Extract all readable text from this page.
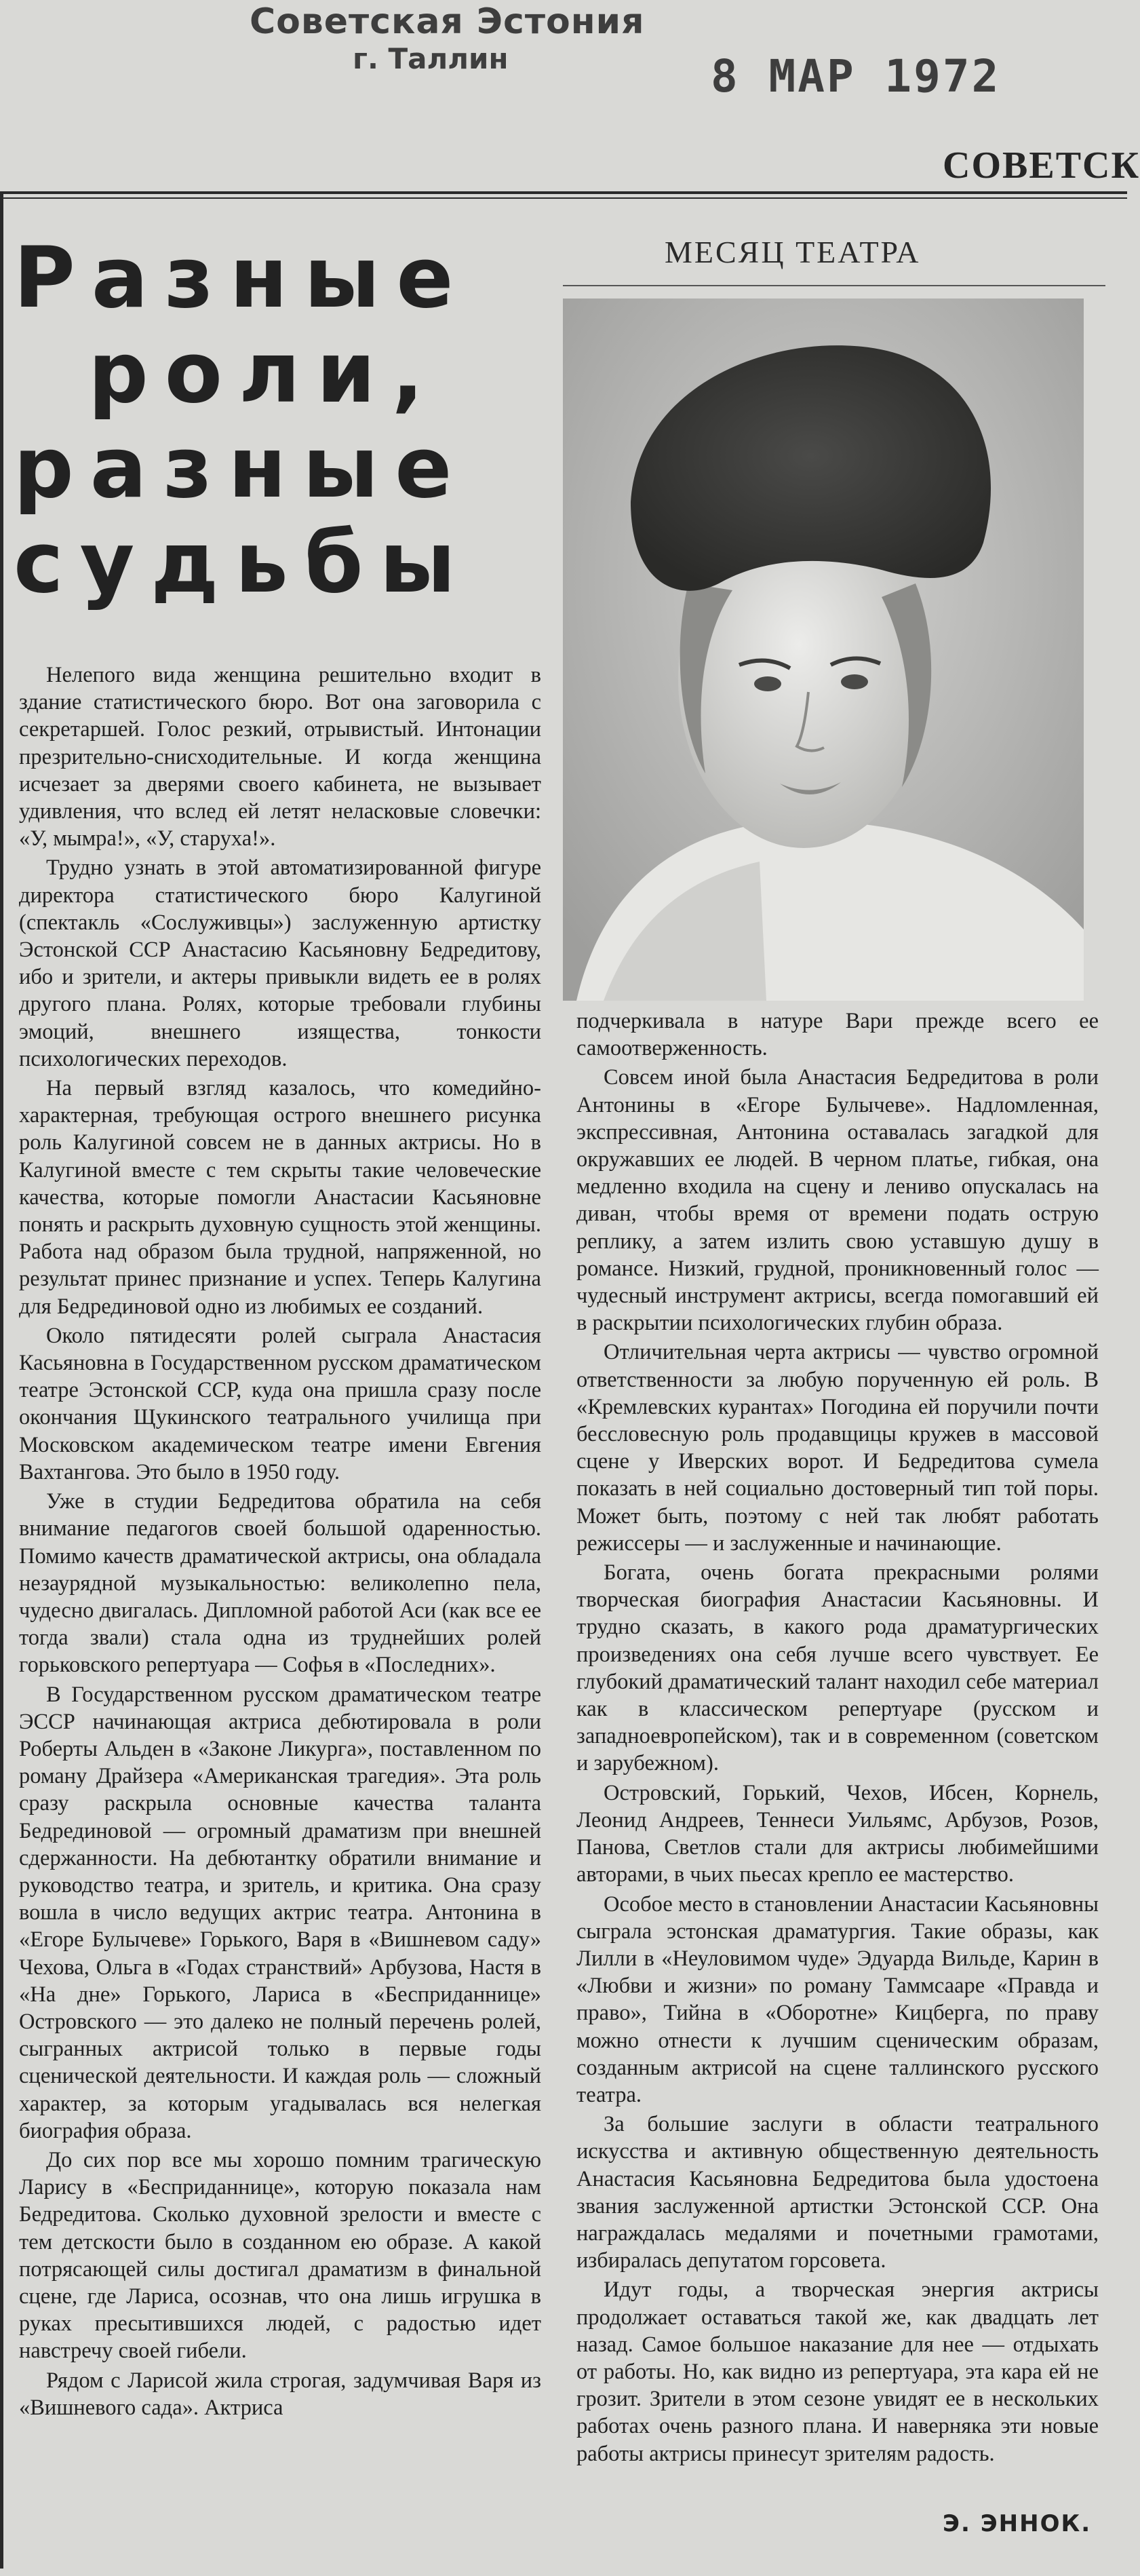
Советская Эстония
г. Таллин	8 МАР 1972
СОВЕТСК
МЕСЯЦ ТЕАТРА
Разные
роли,
разные
судьбы

Нелепого вида женщина решительно входит в здание статистического бюро. Вот она заговорила с секретаршей. Голос резкий, отрывистый. Интонации презрительно-снисходительные. И когда женщина исчезает за дверями своего кабинета, не вызывает удивления, что вслед ей летят нелаcковые словечки: «У, мымра!», «У, старуха!».

Трудно узнать в этой автоматизированной фигуре директора статистического бюро Калугиной (спектакль «Сослуживцы») заслуженную артистку Эстонской ССР Анастасию Касьяновну Бедредитову, ибо и зрители, и актеры привыкли видеть ее в ролях другого плана. Ролях, которые требовали глубины эмоций, внешнего изящества, тонкости психологических переходов.

На первый взгляд казалось, что комедийно-характерная, требующая острого внешнего рисунка роль Калугиной совсем не в данных актрисы. Но в Калугиной вместе с тем скрыты такие человеческие качества, которые помогли Анастасии Касьяновне понять и раскрыть духовную сущность этой женщины. Работа над образом была трудной, напряженной, но результат принес признание и успех. Теперь Калугина для Бедрединовой одно из любимых ее созданий.

Около пятидесяти ролей сыграла Анастасия Касьяновна в Государственном русском драматическом театре Эстонской ССР, куда она пришла сразу после окончания Щукинского театрального училища при Московском академическом театре имени Евгения Вахтангова. Это было в 1950 году.

Уже в студии Бедредитова обратила на себя внимание педагогов своей большой одаренностью. Помимо качеств драматической актрисы, она обладала незаурядной музыкальностью: великолепно пела, чудесно двигалась. Дипломной работой Аси (как все ее тогда звали) стала одна из труднейших ролей горьковского репертуара — Софья в «Последних».

В Государственном русском драматическом театре ЭССР начинающая актриса дебютировала в роли Роберты Альден в «Законе Ликурга», поставленном по роману Драйзера «Американская трагедия». Эта роль сразу раскрыла основные качества таланта Бедрединовой — огромный драматизм при внешней сдержанности. На дебютантку обратили внимание и руководство театра, и зритель, и критика. Она сразу вошла в число ведущих актрис театра. Антонина в «Егоре Булычеве» Горького, Варя в «Вишневом саду» Чехова, Ольга в «Годах странствий» Арбузова, Настя в «На дне» Горького, Лариса в «Бесприданнице» Островского — это далеко не полный перечень ролей, сыгранных актрисой только в первые годы сценической деятельности. И каждая роль — сложный характер, за которым угадывалась вся нелегкая биография образа.

До сих пор все мы хорошо помним трагическую Ларису в «Бесприданнице», которую показала нам Бедредитова. Сколько духовной зрелости и вместе с тем детскости было в созданном ею образе. А какой потрясающей силы достигал драматизм в финальной сцене, где Лариса, осознав, что она лишь игрушка в руках пресытившихся людей, с радостью идет навстречу своей гибели.

Рядом с Ларисой жила строгая, задумчивая Варя из «Вишневого сада». Актриса

подчеркивала в натуре Вари прежде всего ее самоотверженность.

Совсем иной была Анастасия Бедредитова в роли Антонины в «Егоре Булычеве». Надломленная, экспрессивная, Антонина оставалась загадкой для окружавших ее людей. В черном платье, гибкая, она медленно входила на сцену и лениво опускалась на диван, чтобы время от времени подать острую реплику, а затем излить свою уставшую душу в романсе. Низкий, грудной, проникновенный голос — чудесный инструмент актрисы, всегда помогавший ей в раскрытии психологических глубин образа.

Отличительная черта актрисы — чувство огромной ответственности за любую порученную ей роль. В «Кремлевских курантах» Погодина ей поручили почти бессловесную роль продавщицы кружев в массовой сцене у Иверских ворот. И Бедредитова сумела показать в ней социально достоверный тип той поры. Может быть, поэтому с ней так любят работать режиссеры — и заслуженные и начинающие.

Богата, очень богата прекрасными ролями творческая биография Анастасии Касьяновны. И трудно сказать, в какого рода драматургических произведениях она себя лучше всего чувствует. Ее глубокий драматический талант находил себе материал как в классическом репертуаре (русском и западноевропейском), так и в современном (советском и зарубежном).

Островский, Горький, Чехов, Ибсен, Корнель, Леонид Андреев, Теннеси Уильямс, Арбузов, Розов, Панова, Светлов стали для актрисы любимейшими авторами, в чьих пьесах крепло ее мастерство.

Особое место в становлении Анастасии Касьяновны сыграла эстонская драматургия. Такие образы, как Лилли в «Неуловимом чуде» Эдуарда Вильде, Карин в «Любви и жизни» по роману Таммсааре «Правда и право», Тийна в «Оборотне» Кицберга, по праву можно отнести к лучшим сценическим образам, созданным актрисой на сцене таллинского русского театра.

За большие заслуги в области театрального искусства и активную общественную деятельность Анастасия Касьяновна Бедредитова была удостоена звания заслуженной артистки Эстонской ССР. Она награждалась медалями и почетными грамотами, избиралась депутатом горсовета.

Идут годы, а творческая энергия актрисы продолжает оставаться такой же, как двадцать лет назад. Самое большое наказание для нее — отдыхать от работы. Но, как видно из репертуара, эта кара ей не грозит. Зрители в этом сезоне увидят ее в нескольких работах очень разного плана. И наверняка эти новые работы актрисы принесут зрителям радость.

Э. ЭННОК.
